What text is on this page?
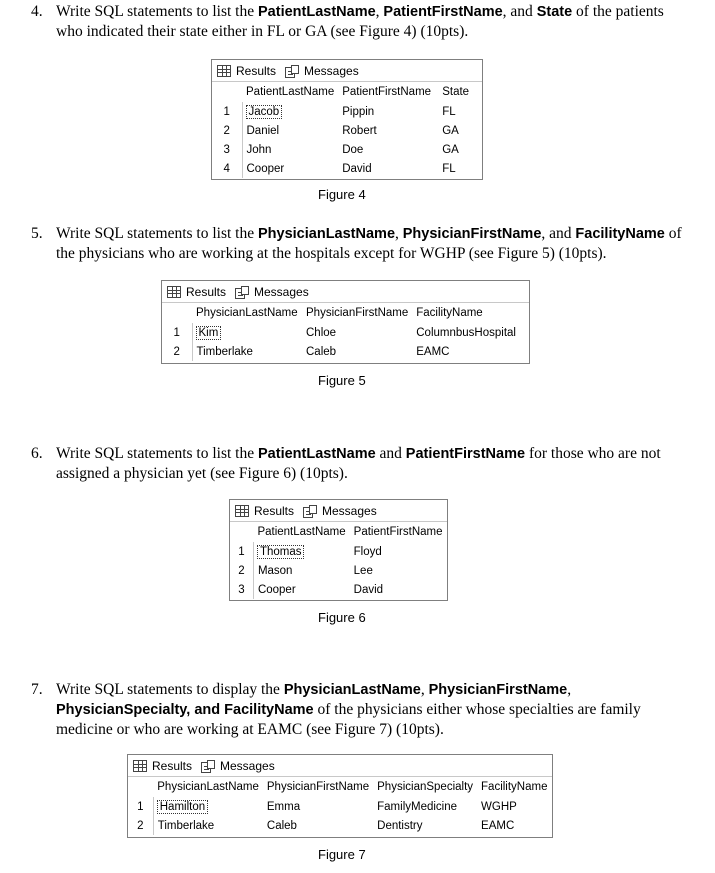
4. Write SQL statements to list the PatientLastName, PatientFirstName, and State of the patients who indicated their state either in FL or GA (see Figure 4) (10pts).
Results Messages
	PatientLastName	PatientFirstName	State
1	Jacob	Pippin	FL
2	Daniel	Robert	GA
3	John	Doe	GA
4	Cooper	David	FL
Figure 4
5. Write SQL statements to list the PhysicianLastName, PhysicianFirstName, and FacilityName of the physicians who are working at the hospitals except for WGHP (see Figure 5) (10pts).
Results Messages
	PhysicianLastName	PhysicianFirstName	FacilityName
1	Kim	Chloe	ColumnbusHospital
2	Timberlake	Caleb	EAMC
Figure 5
6. Write SQL statements to list the PatientLastName and PatientFirstName for those who are not assigned a physician yet (see Figure 6) (10pts).
Results Messages
	PatientLastName	PatientFirstName
1	Thomas	Floyd
2	Mason	Lee
3	Cooper	David
Figure 6
7. Write SQL statements to display the PhysicianLastName, PhysicianFirstName, PhysicianSpecialty, and FacilityName of the physicians either whose specialties are family medicine or who are working at EAMC (see Figure 7) (10pts).
Results Messages
	PhysicianLastName	PhysicianFirstName	PhysicianSpecialty	FacilityName
1	Hamilton	Emma	FamilyMedicine	WGHP
2	Timberlake	Caleb	Dentistry	EAMC
Figure 7
